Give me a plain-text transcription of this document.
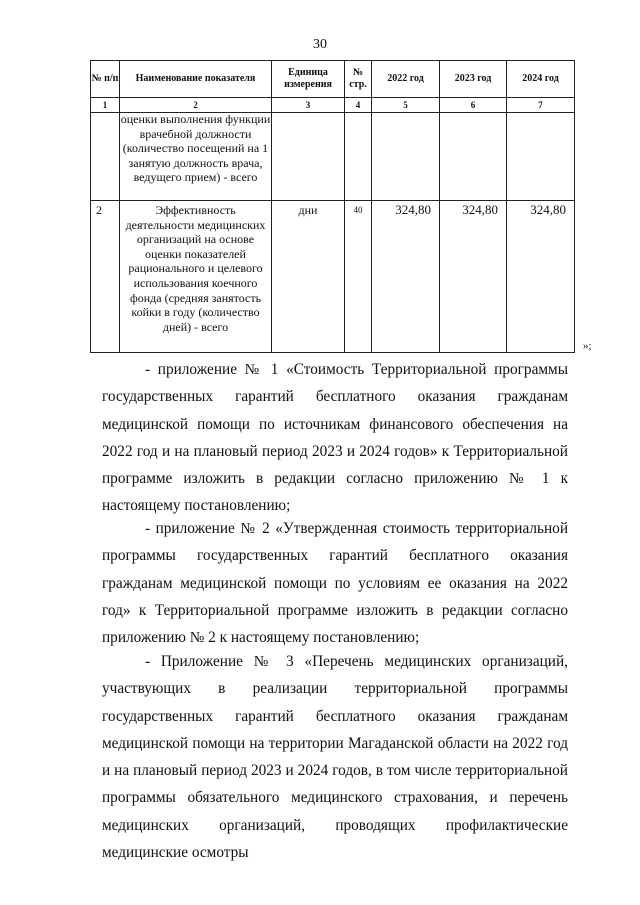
30
№ п/п	Наименование показателя	Единица измерения	№ стр.	2022 год	2023 год	2024 год
1	2	3	4	5	6	7

	оценки выполнения функции врачебной должности (количество посещений на 1 занятую должность врача, ведущего прием) - всего					

2	Эффективность деятельности медицинских организаций на основе оценки показателей рационального и целевого использования коечного фонда (средняя занятость койки в году (количество дней) - всего	дни	40	324,80	324,80	324,80
»;

- приложение № 1 «Стоимость Территориальной программы государственных гарантий бесплатного оказания гражданам медицинской помощи по источникам финансового обеспечения на 2022 год и на плановый период 2023 и 2024 годов» к Территориальной программе изложить в редакции согласно приложению № 1 к настоящему постановлению;

- приложение № 2 «Утвержденная стоимость территориальной программы государственных гарантий бесплатного оказания гражданам медицинской помощи по условиям ее оказания на 2022 год» к Территориальной программе изложить в редакции согласно приложению № 2 к настоящему постановлению;

- Приложение № 3 «Перечень медицинских организаций, участвующих в реализации территориальной программы государственных гарантий бесплатного оказания гражданам медицинской помощи на территории Магаданской области на 2022 год и на плановый период 2023 и 2024 годов, в том числе территориальной программы обязательного медицинского страхования, и перечень медицинских организаций, проводящих профилактические медицинские осмотры
